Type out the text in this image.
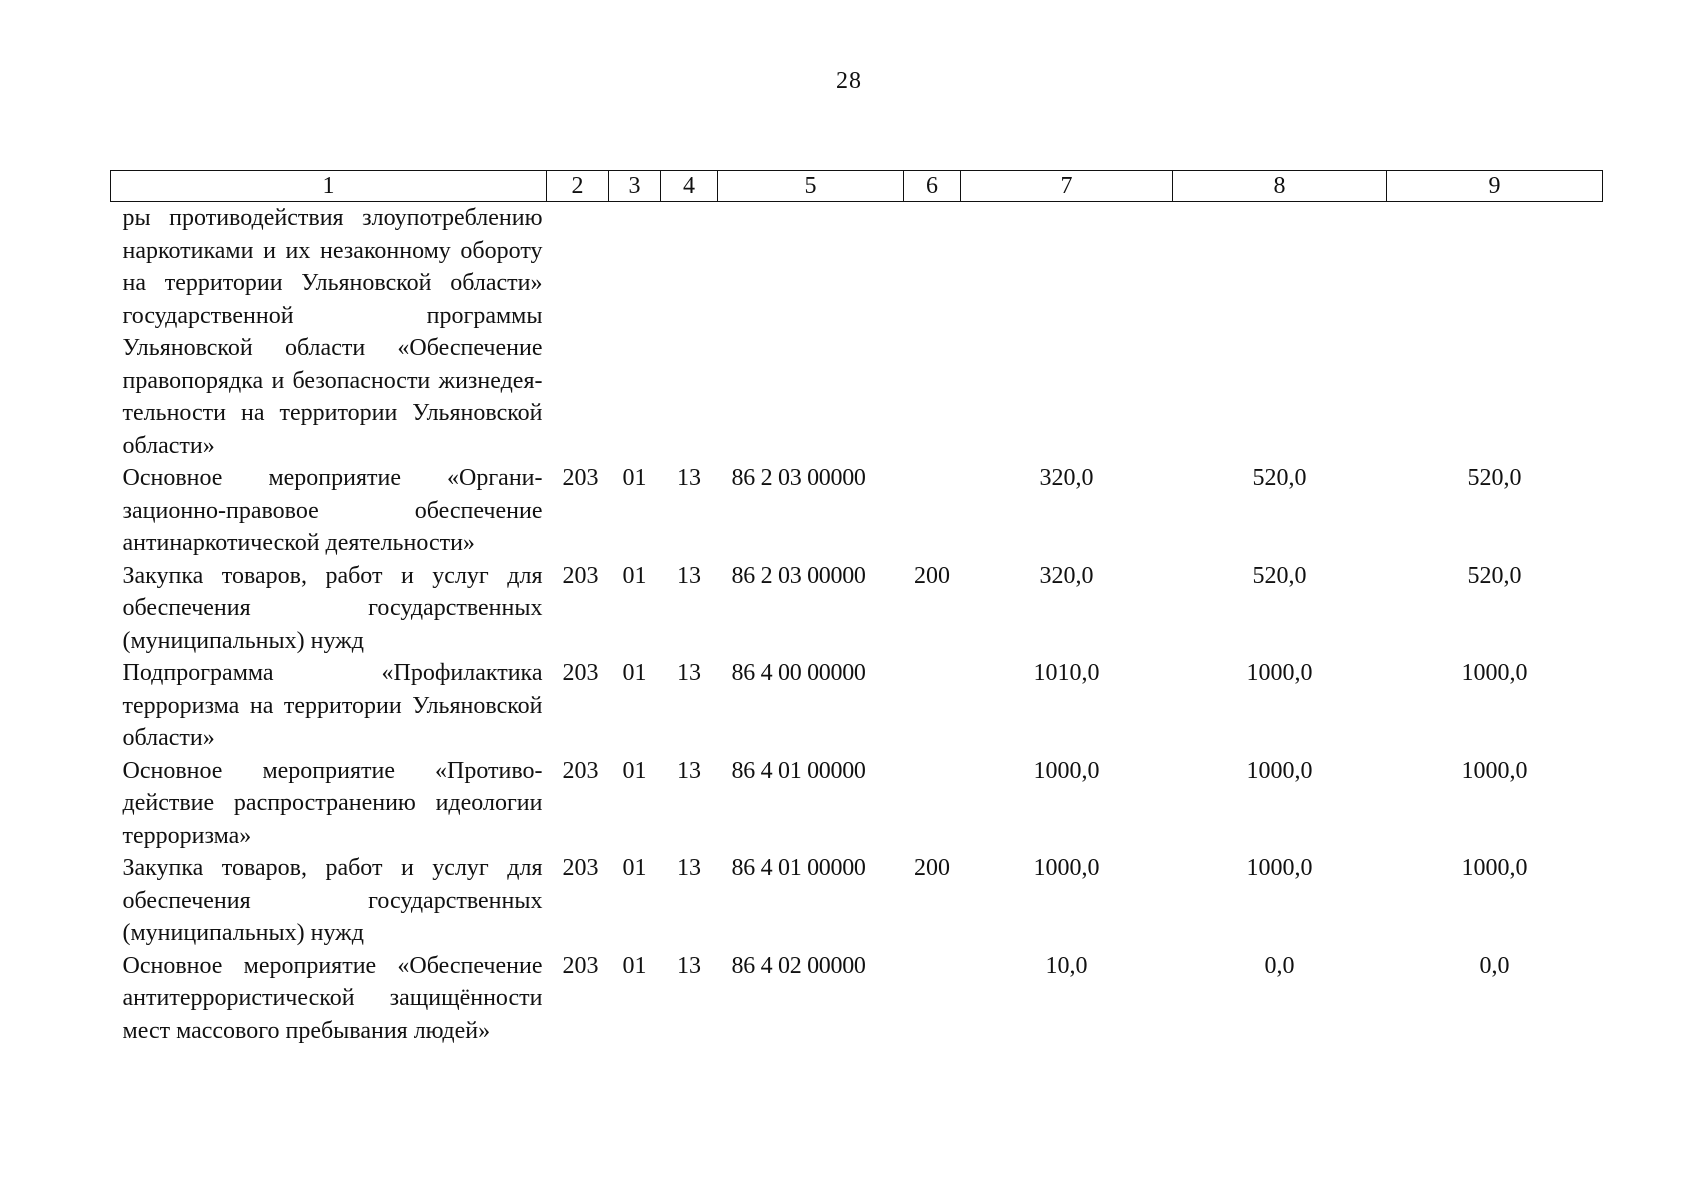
28
1	2	3	4	5	6	7	8	9
ры противодействия злоупотреблению наркотиками и их незаконному обороту на территории Ульяновской области» государственной программы Ульяновской области «Обеспечение правопорядка и безопасности жизнедеятельности на территории Ульяновской области»								
Основное мероприятие «Организационно-правовое обеспечение антинаркотической деятельности»	203	01	13	86 2 03 00000		320,0	520,0	520,0
Закупка товаров, работ и услуг для обеспечения государственных (муниципальных) нужд	203	01	13	86 2 03 00000	200	320,0	520,0	520,0
Подпрограмма «Профилактика терроризма на территории Ульяновской области»	203	01	13	86 4 00 00000		1010,0	1000,0	1000,0
Основное мероприятие «Противодействие распространению идеологии терроризма»	203	01	13	86 4 01 00000		1000,0	1000,0	1000,0
Закупка товаров, работ и услуг для обеспечения государственных (муниципальных) нужд	203	01	13	86 4 01 00000	200	1000,0	1000,0	1000,0
Основное мероприятие «Обеспечение антитеррористической защищённости мест массового пребывания людей»	203	01	13	86 4 02 00000		10,0	0,0	0,0
